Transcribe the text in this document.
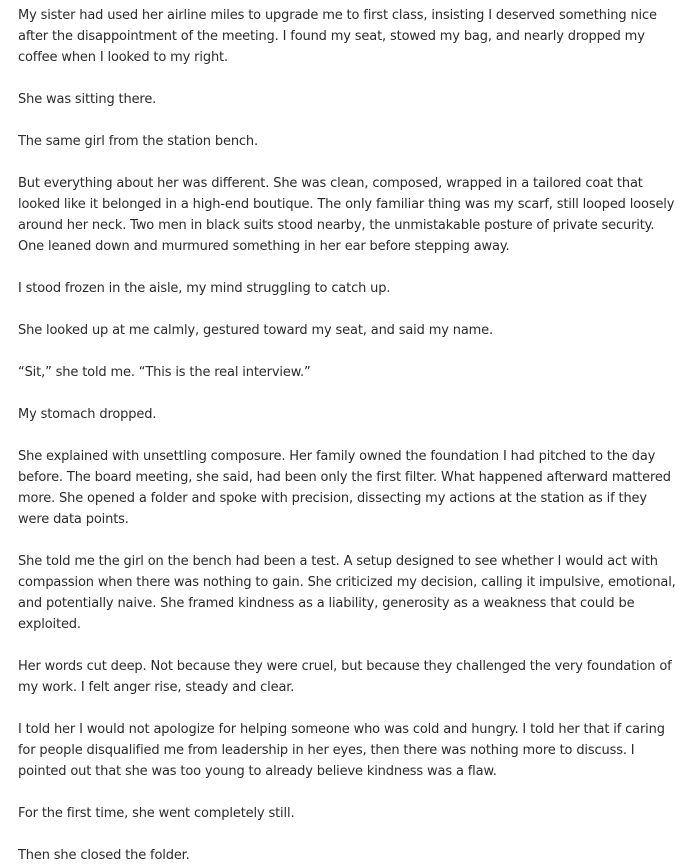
My sister had used her airline miles to upgrade me to first class, insisting I deserved something nice after the disappointment of the meeting. I found my seat, stowed my bag, and nearly dropped my coffee when I looked to my right.

She was sitting there.

The same girl from the station bench.

But everything about her was different. She was clean, composed, wrapped in a tailored coat that looked like it belonged in a high-end boutique. The only familiar thing was my scarf, still looped loosely around her neck. Two men in black suits stood nearby, the unmistakable posture of private security. One leaned down and murmured something in her ear before stepping away.

I stood frozen in the aisle, my mind struggling to catch up.

She looked up at me calmly, gestured toward my seat, and said my name.

“Sit,” she told me. “This is the real interview.”

My stomach dropped.

She explained with unsettling composure. Her family owned the foundation I had pitched to the day before. The board meeting, she said, had been only the first filter. What happened afterward mattered more. She opened a folder and spoke with precision, dissecting my actions at the station as if they were data points.

She told me the girl on the bench had been a test. A setup designed to see whether I would act with compassion when there was nothing to gain. She criticized my decision, calling it impulsive, emotional, and potentially naive. She framed kindness as a liability, generosity as a weakness that could be exploited.

Her words cut deep. Not because they were cruel, but because they challenged the very foundation of my work. I felt anger rise, steady and clear.

I told her I would not apologize for helping someone who was cold and hungry. I told her that if caring for people disqualified me from leadership in her eyes, then there was nothing more to discuss. I pointed out that she was too young to already believe kindness was a flaw.

For the first time, she went completely still.

Then she closed the folder.
